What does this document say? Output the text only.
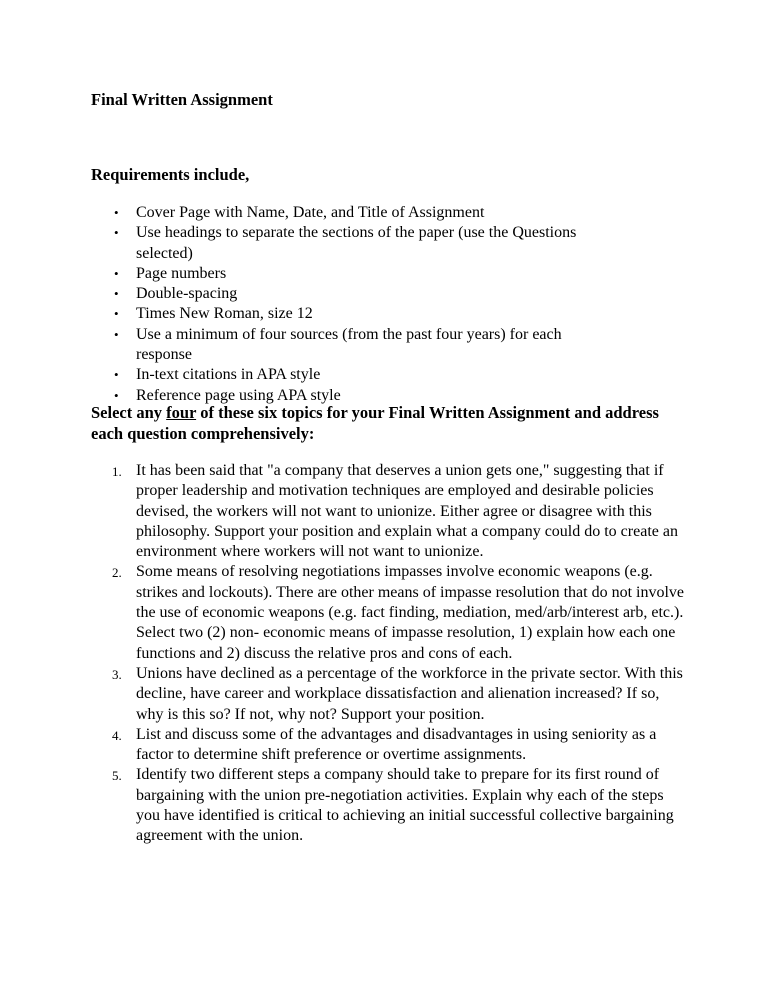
Final Written Assignment

Requirements include,

• Cover Page with Name, Date, and Title of Assignment
• Use headings to separate the sections of the paper (use the Questions selected)
• Page numbers
• Double-spacing
• Times New Roman, size 12
• Use a minimum of four sources (from the past four years) for each response
• In-text citations in APA style
• Reference page using APA style

Select any four of these six topics for your Final Written Assignment and address each question comprehensively:

1. It has been said that "a company that deserves a union gets one," suggesting that if proper leadership and motivation techniques are employed and desirable policies devised, the workers will not want to unionize. Either agree or disagree with this philosophy. Support your position and explain what a company could do to create an environment where workers will not want to unionize.
2. Some means of resolving negotiations impasses involve economic weapons (e.g. strikes and lockouts). There are other means of impasse resolution that do not involve the use of economic weapons (e.g. fact finding, mediation, med/arb/interest arb, etc.). Select two (2) non- economic means of impasse resolution, 1) explain how each one functions and 2) discuss the relative pros and cons of each.
3. Unions have declined as a percentage of the workforce in the private sector. With this decline, have career and workplace dissatisfaction and alienation increased? If so, why is this so? If not, why not? Support your position.
4. List and discuss some of the advantages and disadvantages in using seniority as a factor to determine shift preference or overtime assignments.
5. Identify two different steps a company should take to prepare for its first round of bargaining with the union pre-negotiation activities. Explain why each of the steps you have identified is critical to achieving an initial successful collective bargaining agreement with the union.
